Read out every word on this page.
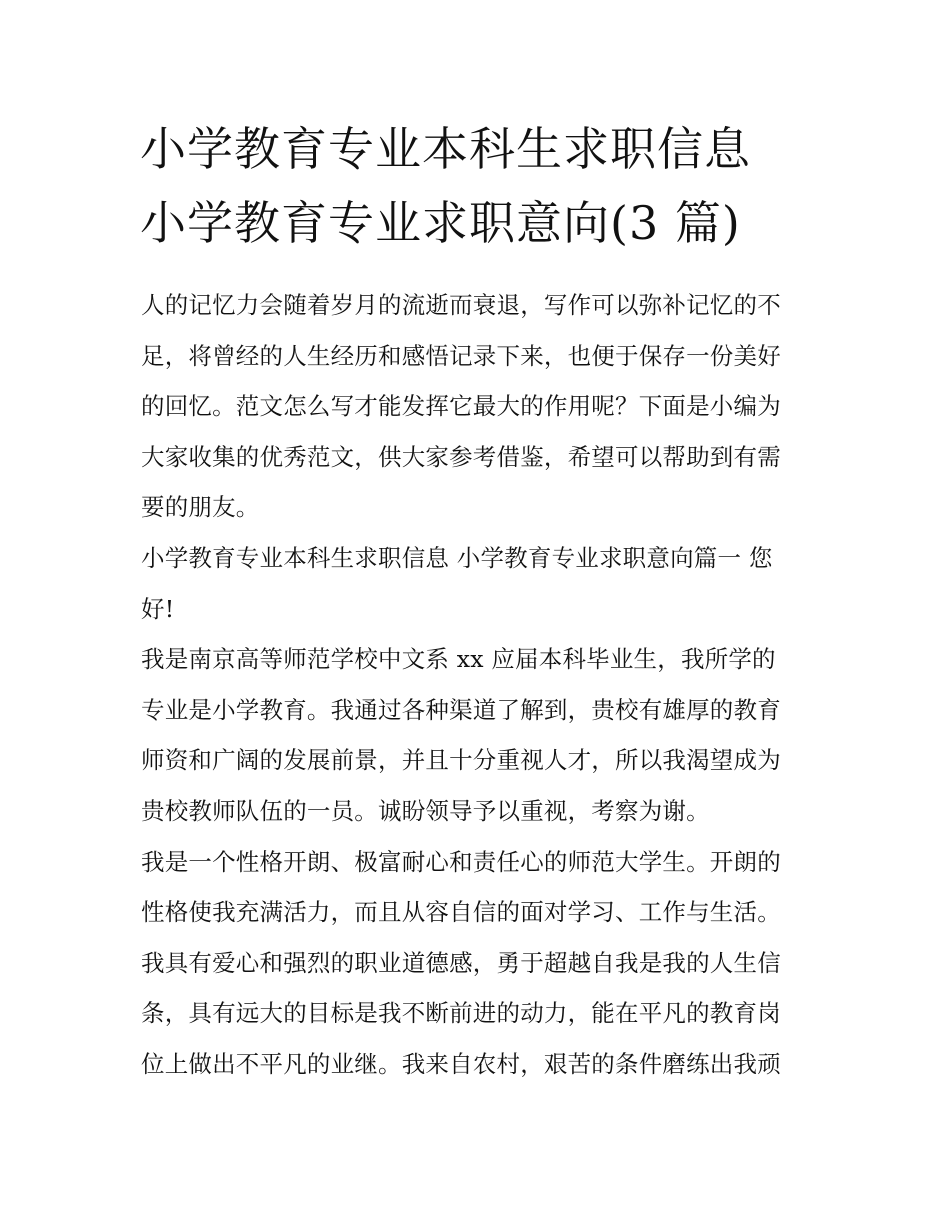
小学教育专业本科生求职信息
小学教育专业求职意向(3 篇)

人的记忆力会随着岁月的流逝而衰退，写作可以弥补记忆的不
足，将曾经的人生经历和感悟记录下来，也便于保存一份美好
的回忆。范文怎么写才能发挥它最大的作用呢？下面是小编为
大家收集的优秀范文，供大家参考借鉴，希望可以帮助到有需
要的朋友。

小学教育专业本科生求职信息 小学教育专业求职意向篇一 您
好!

我是南京高等师范学校中文系 xx 应届本科毕业生，我所学的
专业是小学教育。我通过各种渠道了解到，贵校有雄厚的教育
师资和广阔的发展前景，并且十分重视人才，所以我渴望成为
贵校教师队伍的一员。诚盼领导予以重视，考察为谢。

我是一个性格开朗、极富耐心和责任心的师范大学生。开朗的
性格使我充满活力，而且从容自信的面对学习、工作与生活。
我具有爱心和强烈的职业道德感，勇于超越自我是我的人生信
条，具有远大的目标是我不断前进的动力，能在平凡的教育岗
位上做出不平凡的业继。我来自农村，艰苦的条件磨练出我顽
